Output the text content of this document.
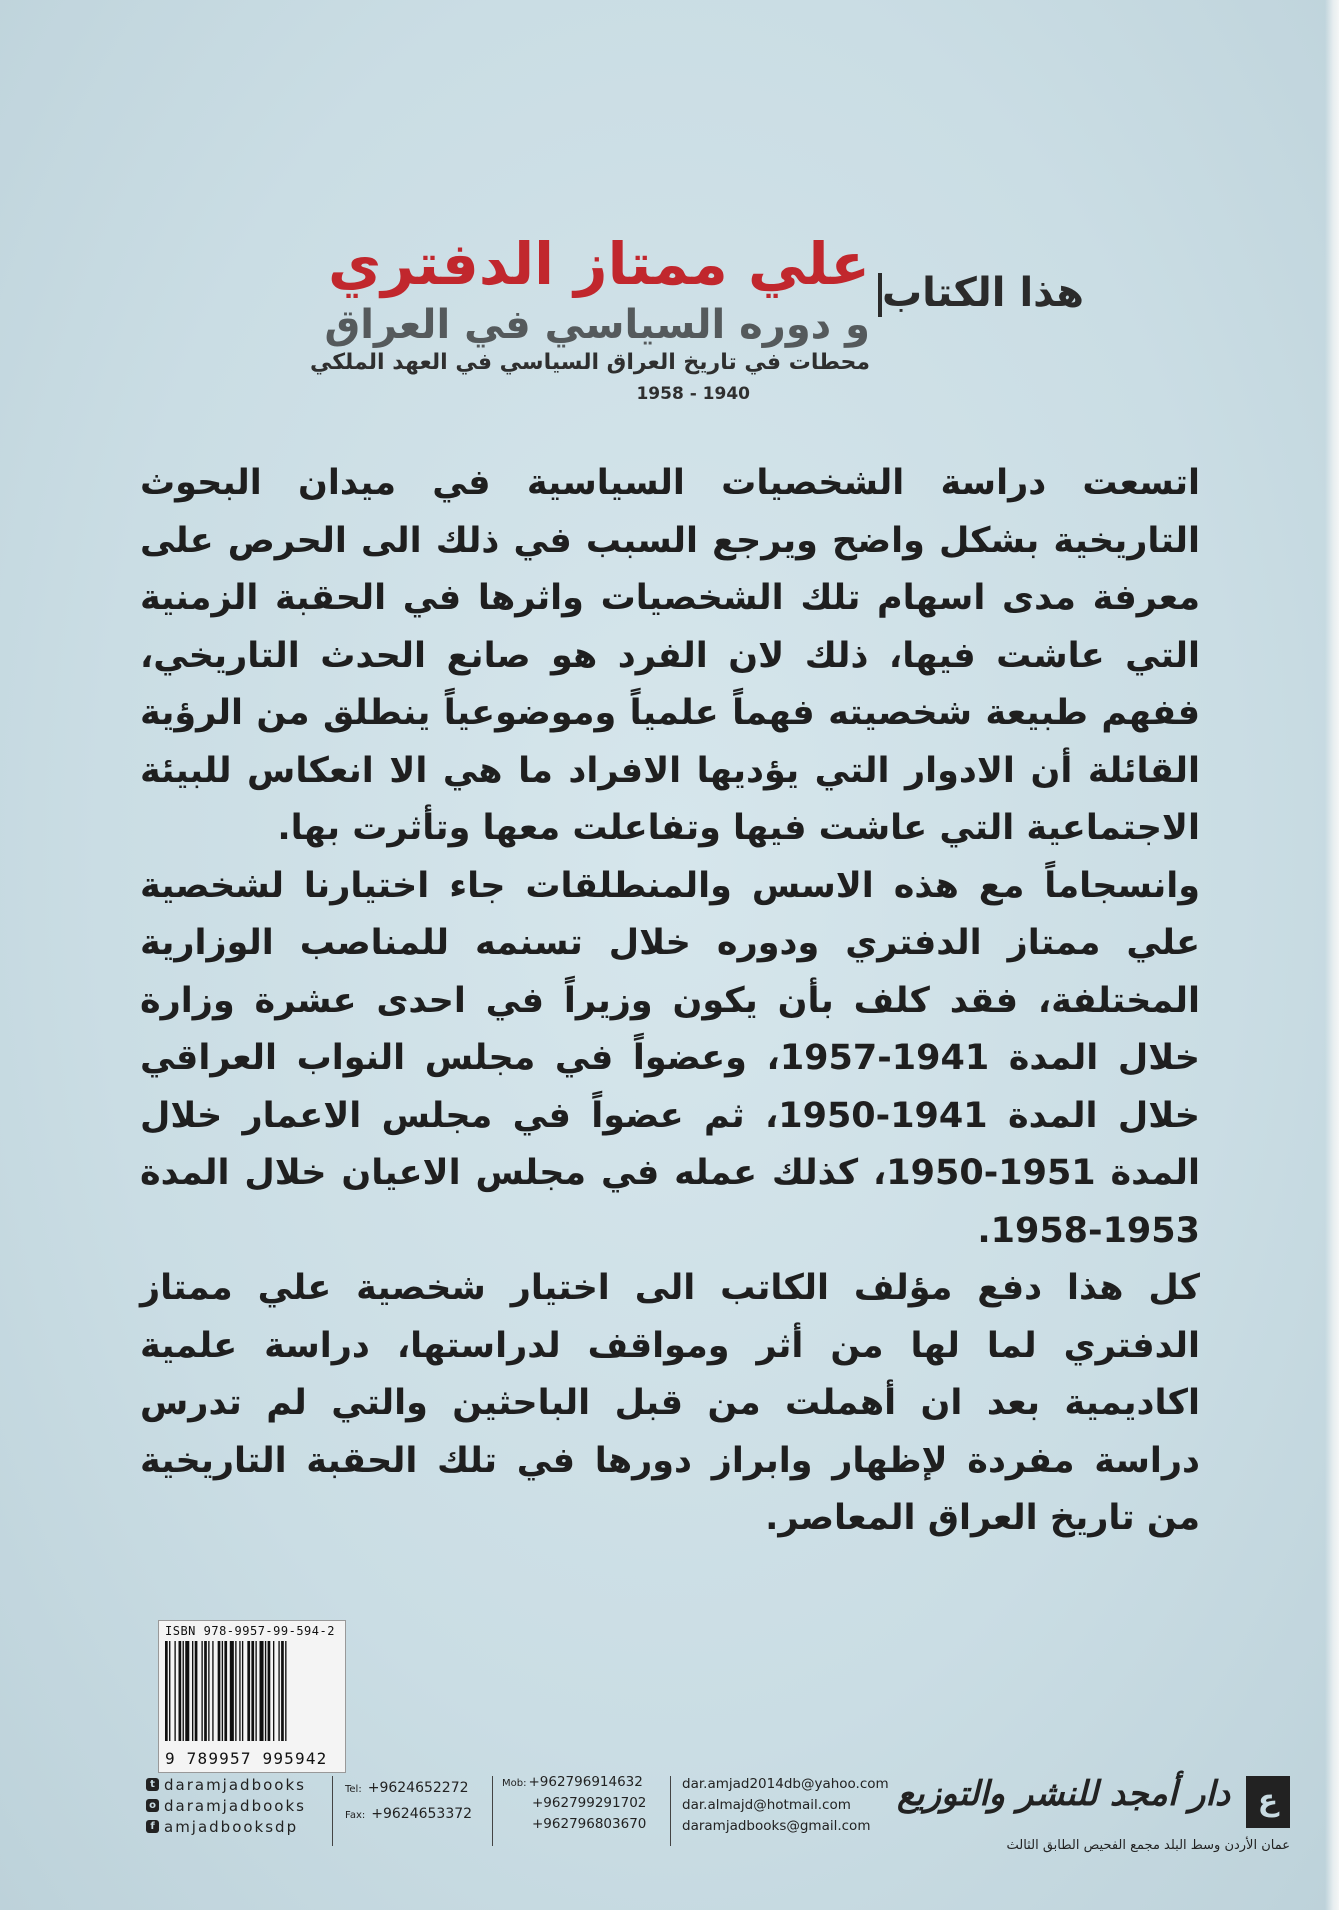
هذا الكتاب
علي ممتاز الدفتري
و دوره السياسي في العراق
محطات في تاريخ العراق السياسي في العهد الملكي
1958 - 1940

اتسعت دراسة الشخصيات السياسية في ميدان البحوث التاريخية بشكل واضح ويرجع السبب في ذلك الى الحرص على معرفة مدى اسهام تلك الشخصيات واثرها في الحقبة الزمنية التي عاشت فيها، ذلك لان الفرد هو صانع الحدث التاريخي، ففهم طبيعة شخصيته فهماً علمياً وموضوعياً ينطلق من الرؤية القائلة أن الادوار التي يؤديها الافراد ما هي الا انعكاس للبيئة الاجتماعية التي عاشت فيها وتفاعلت معها وتأثرت بها.

وانسجاماً مع هذه الاسس والمنطلقات جاء اختيارنا لشخصية علي ممتاز الدفتري ودوره خلال تسنمه للمناصب الوزارية المختلفة، فقد كلف بأن يكون وزيراً في احدى عشرة وزارة خلال المدة 1941-1957، وعضواً في مجلس النواب العراقي خلال المدة 1941-1950، ثم عضواً في مجلس الاعمار خلال المدة 1951-1950، كذلك عمله في مجلس الاعيان خلال المدة 1953-1958.

كل هذا دفع مؤلف الكاتب الى اختيار شخصية علي ممتاز الدفتري لما لها من أثر ومواقف لدراستها، دراسة علمية اكاديمية بعد ان أهملت من قبل الباحثين والتي لم تدرس دراسة مفردة لإظهار وابراز دورها في تلك الحقبة التاريخية من تاريخ العراق المعاصر.

ISBN 978-9957-99-594-2
9 789957 995942
t daramjadbooks
o daramjadbooks
f amjadbooksdp
Tel: +9624652272
Fax: +9624653372
Mob: +962796914632
+962799291702
+962796803670
dar.amjad2014db@yahoo.com
dar.almajd@hotmail.com
daramjadbooks@gmail.com
دار أمجد للنشر والتوزيع ع
عمان الأردن وسط البلد مجمع الفحيص الطابق الثالث
